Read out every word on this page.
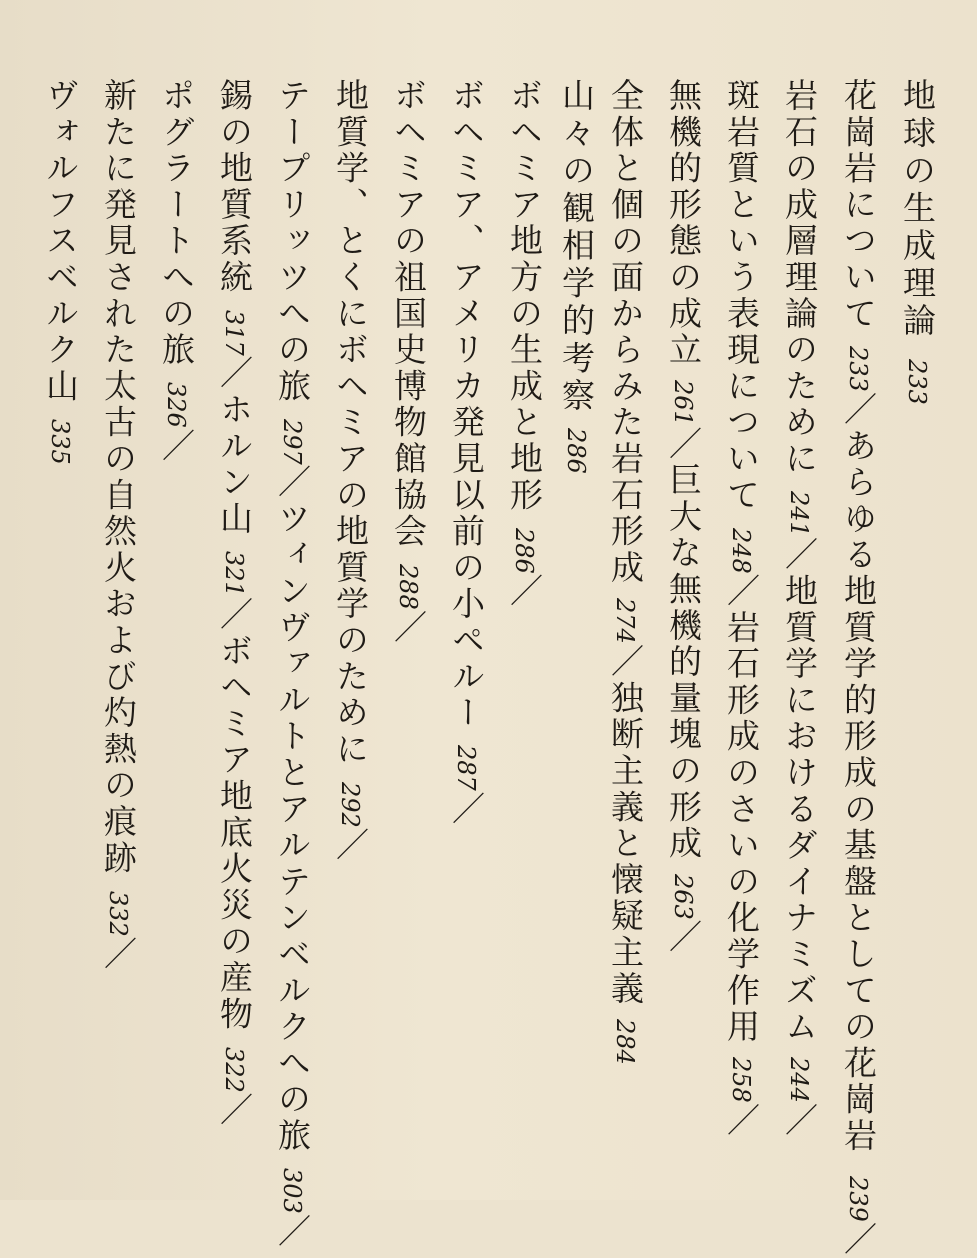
地球の生成理論233
花崗岩について233／あらゆる地質学的形成の基盤としての花崗岩239／
岩石の成層理論のために241／地質学におけるダイナミズム244／
斑岩質という表現について248／岩石形成のさいの化学作用258／
無機的形態の成立261／巨大な無機的量塊の形成263／
全体と個の面からみた岩石形成274／独断主義と懐疑主義284
山々の観相学的考察286
ボヘミア地方の生成と地形286／
ボヘミア、アメリカ発見以前の小ペルー287／
ボヘミアの祖国史博物館協会288／
地質学、とくにボヘミアの地質学のために292／
テープリッツへの旅297／ツィンヴァルトとアルテンベルクへの旅303／
錫の地質系統317／ホルン山321／ボヘミア地底火災の産物322／
ポグラートへの旅326／
新たに発見された太古の自然火および灼熱の痕跡332／
ヴォルフスベルク山335
